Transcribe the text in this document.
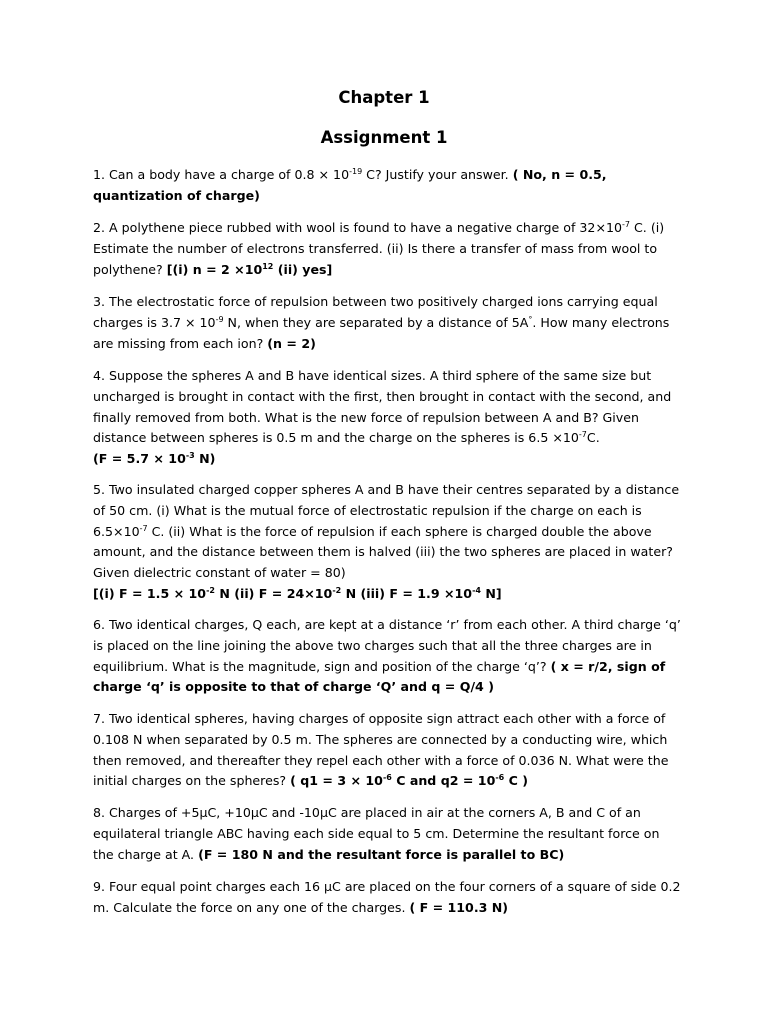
Chapter 1
Assignment 1

1. Can a body have a charge of $0.8 \times 10^{-19}$ C? Justify your answer. ( No, n = 0.5, quantization of charge)

2. A polythene piece rubbed with wool is found to have a negative charge of $32\times 10^{-7}$ C. (i) Estimate the number of electrons transferred. (ii) Is there a transfer of mass from wool to polythene? [(i) $n = 2 \times 10^{12}$ (ii) yes]

3. The electrostatic force of repulsion between two positively charged ions carrying equal charges is $3.7 \times 10^{-9}$ N, when they are separated by a distance of 5A°. How many electrons are missing from each ion? (n = 2)

4. Suppose the spheres A and B have identical sizes. A third sphere of the same size but uncharged is brought in contact with the first, then brought in contact with the second, and finally removed from both. What is the new force of repulsion between A and B? Given distance between spheres is 0.5 m and the charge on the spheres is $6.5 \times 10^{-7}C$.
($F = 5.7 \times 10^{-3}$ N)

5. Two insulated charged copper spheres A and B have their centres separated by a distance of 50 cm. (i) What is the mutual force of electrostatic repulsion if the charge on each is $6.5\times 10^{-7}$ C. (ii) What is the force of repulsion if each sphere is charged double the above amount, and the distance between them is halved (iii) the two spheres are placed in water? Given dielectric constant of water = 80)
[(i) $F = 1.5 \times 10^{-2}$ N (ii) $F = 24\times 10^{-2}$ N (iii) $F = 1.9 \times 10^{-4}$ N]

6. Two identical charges, Q each, are kept at a distance ‘r’ from each other. A third charge ‘q’ is placed on the line joining the above two charges such that all the three charges are in equilibrium. What is the magnitude, sign and position of the charge ‘q’? ( x = r/2, sign of charge ‘q’ is opposite to that of charge ‘Q’ and q = Q/4 )

7. Two identical spheres, having charges of opposite sign attract each other with a force of 0.108 N when separated by 0.5 m. The spheres are connected by a conducting wire, which then removed, and thereafter they repel each other with a force of 0.036 N. What were the initial charges on the spheres? ( $q1 = 3 \times 10^{-6}$ C and $q2 = 10^{-6}$ C )

8. Charges of +5µC, +10µC and -10µC are placed in air at the corners A, B and C of an equilateral triangle ABC having each side equal to 5 cm. Determine the resultant force on the charge at A. (F = 180 N and the resultant force is parallel to BC)

9. Four equal point charges each 16 µC are placed on the four corners of a square of side 0.2 m. Calculate the force on any one of the charges. ( F = 110.3 N)
